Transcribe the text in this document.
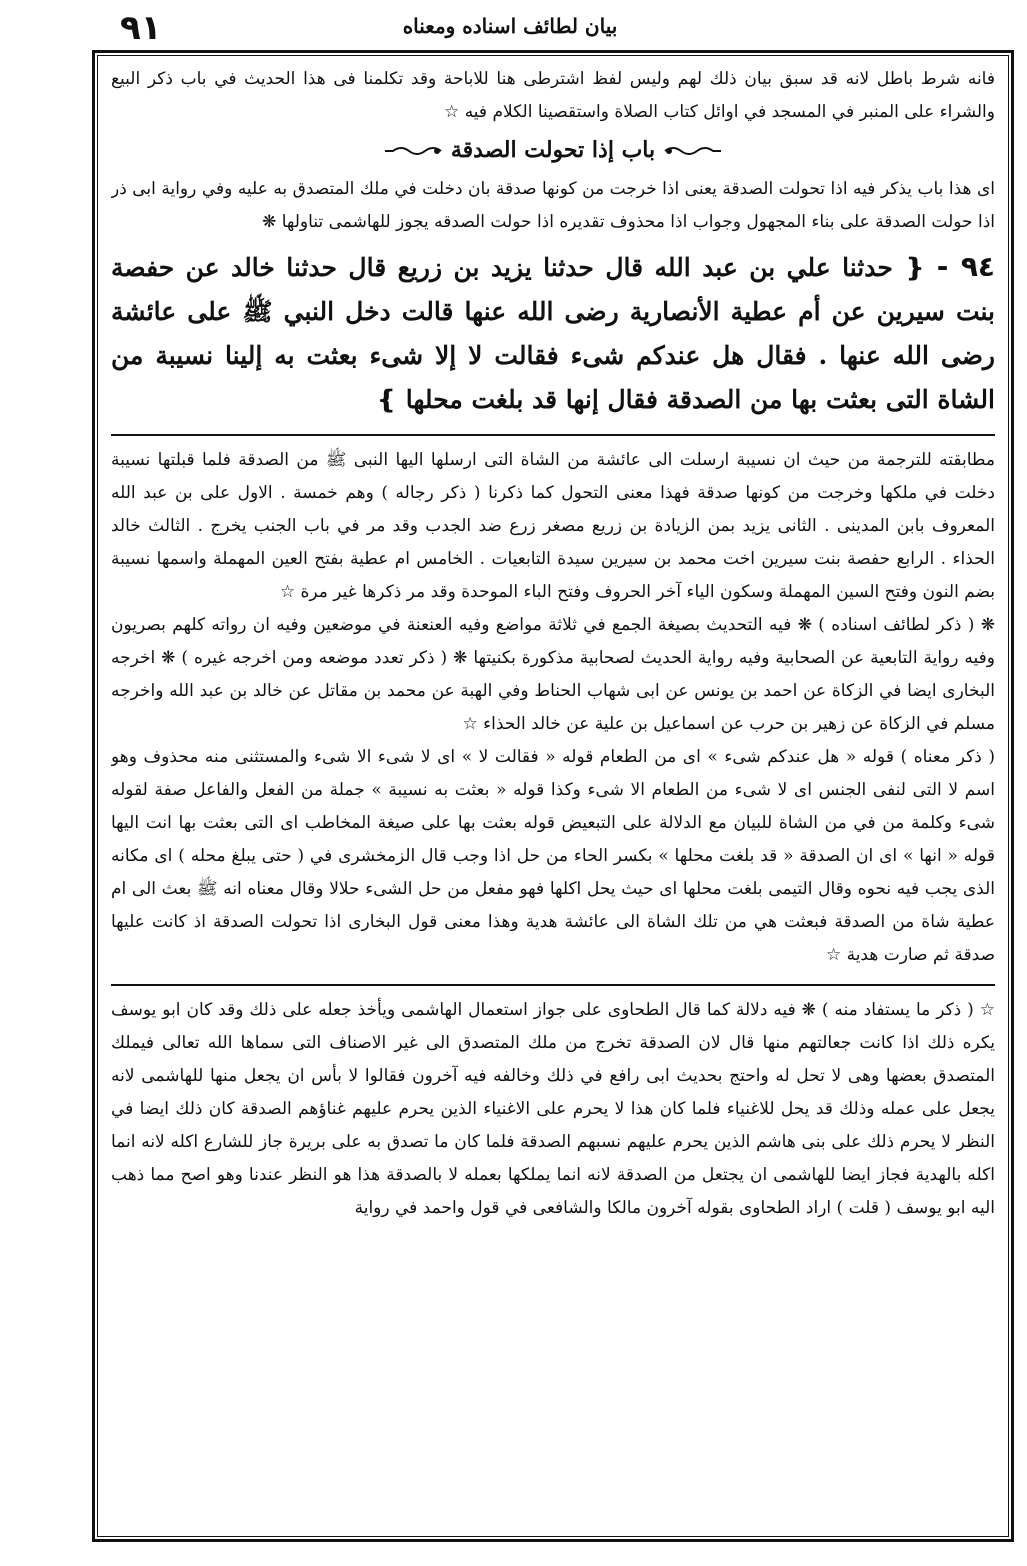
٩١	بيان لطائف اسناده ومعناه

فانه شرط باطل لانه قد سبق بيان ذلك لهم وليس لفظ اشترطى هنا للاباحة وقد تكلمنا فى هذا الحديث في باب ذكر البيع والشراء على المنبر في المسجد في اوائل كتاب الصلاة واستقصينا الكلام فيه ☆

باب إذا تحولت الصدقة

اى هذا باب يذكر فيه اذا تحولت الصدقة يعنى اذا خرجت من كونها صدقة بان دخلت في ملك المتصدق به عليه وفي رواية ابى ذر اذا حولت الصدقة على بناء المجهول وجواب اذا محذوف تقديره اذا حولت الصدقه يجوز للهاشمى تناولها ❋

٩٤ - ❴ حدثنا علي بن عبد الله قال حدثنا يزيد بن زريع قال حدثنا خالد عن حفصة بنت سيرين عن أم عطية الأنصارية رضى الله عنها قالت دخل النبي ﷺ على عائشة رضى الله عنها . فقال هل عندكم شىء فقالت لا إلا شىء بعثت به إلينا نسيبة من الشاة التى بعثت بها من الصدقة فقال إنها قد بلغت محلها ❵

مطابقته للترجمة من حيث ان نسيبة ارسلت الى عائشة من الشاة التى ارسلها اليها النبى ﷺ من الصدقة فلما قبلتها نسيبة دخلت في ملكها وخرجت من كونها صدقة فهذا معنى التحول كما ذكرنا ( ذكر رجاله ) وهم خمسة . الاول على بن عبد الله المعروف بابن المدينى . الثانى يزيد بمن الزيادة بن زريع مصغر زرع ضد الجدب وقد مر في باب الجنب يخرج . الثالث خالد الحذاء . الرابع حفصة بنت سيرين اخت محمد بن سيرين سيدة التابعيات . الخامس ام عطية بفتح العين المهملة واسمها نسيبة بضم النون وفتح السين المهملة وسكون الياء آخر الحروف وفتح الباء الموحدة وقد مر ذكرها غير مرة ☆

❋ ( ذكر لطائف اسناده ) ❋ فيه التحديث بصيغة الجمع في ثلاثة مواضع وفيه العنعنة في موضعين وفيه ان رواته كلهم بصريون وفيه رواية التابعية عن الصحابية وفيه رواية الحديث لصحابية مذكورة بكنيتها ❋ ( ذكر تعدد موضعه ومن اخرجه غيره ) ❋ اخرجه البخارى ايضا في الزكاة عن احمد بن يونس عن ابى شهاب الحناط وفي الهبة عن محمد بن مقاتل عن خالد بن عبد الله واخرجه مسلم في الزكاة عن زهير بن حرب عن اسماعيل بن علية عن خالد الحذاء ☆

( ذكر معناه ) قوله « هل عندكم شىء » اى من الطعام قوله « فقالت لا » اى لا شىء الا شىء والمستثنى منه محذوف وهو اسم لا التى لنفى الجنس اى لا شىء من الطعام الا شىء وكذا قوله « بعثت به نسيبة » جملة من الفعل والفاعل صفة لقوله شىء وكلمة من في من الشاة للبيان مع الدلالة على التبعيض قوله بعثت بها على صيغة المخاطب اى التى بعثت بها انت اليها قوله « انها » اى ان الصدقة « قد بلغت محلها » بكسر الحاء من حل اذا وجب قال الزمخشرى في ( حتى يبلغ محله ) اى مكانه الذى يجب فيه نحوه وقال التيمى بلغت محلها اى حيث يحل اكلها فهو مفعل من حل الشىء حلالا وقال معناه انه ﷺ بعث الى ام عطية شاة من الصدقة فبعثت هي من تلك الشاة الى عائشة هدية وهذا معنى قول البخارى اذا تحولت الصدقة اذ كانت عليها صدقة ثم صارت هدية ☆

☆ ( ذكر ما يستفاد منه ) ❋ فيه دلالة كما قال الطحاوى على جواز استعمال الهاشمى ويأخذ جعله على ذلك وقد كان ابو يوسف يكره ذلك اذا كانت جعالتهم منها قال لان الصدقة تخرج من ملك المتصدق الى غير الاصناف التى سماها الله تعالى فيملك المتصدق بعضها وهى لا تحل له واحتج بحديث ابى رافع في ذلك وخالفه فيه آخرون فقالوا لا بأس ان يجعل منها للهاشمى لانه يجعل على عمله وذلك قد يحل للاغنياء فلما كان هذا لا يحرم على الاغنياء الذين يحرم عليهم غناؤهم الصدقة كان ذلك ايضا في النظر لا يحرم ذلك على بنى هاشم الذين يحرم عليهم نسبهم الصدقة فلما كان ما تصدق به على بريرة جاز للشارع اكله لانه انما اكله بالهدية فجاز ايضا للهاشمى ان يجتعل من الصدقة لانه انما يملكها بعمله لا بالصدقة هذا هو النظر عندنا وهو اصح مما ذهب اليه ابو يوسف ( قلت ) اراد الطحاوى بقوله آخرون مالكا والشافعى في قول واحمد في رواية
